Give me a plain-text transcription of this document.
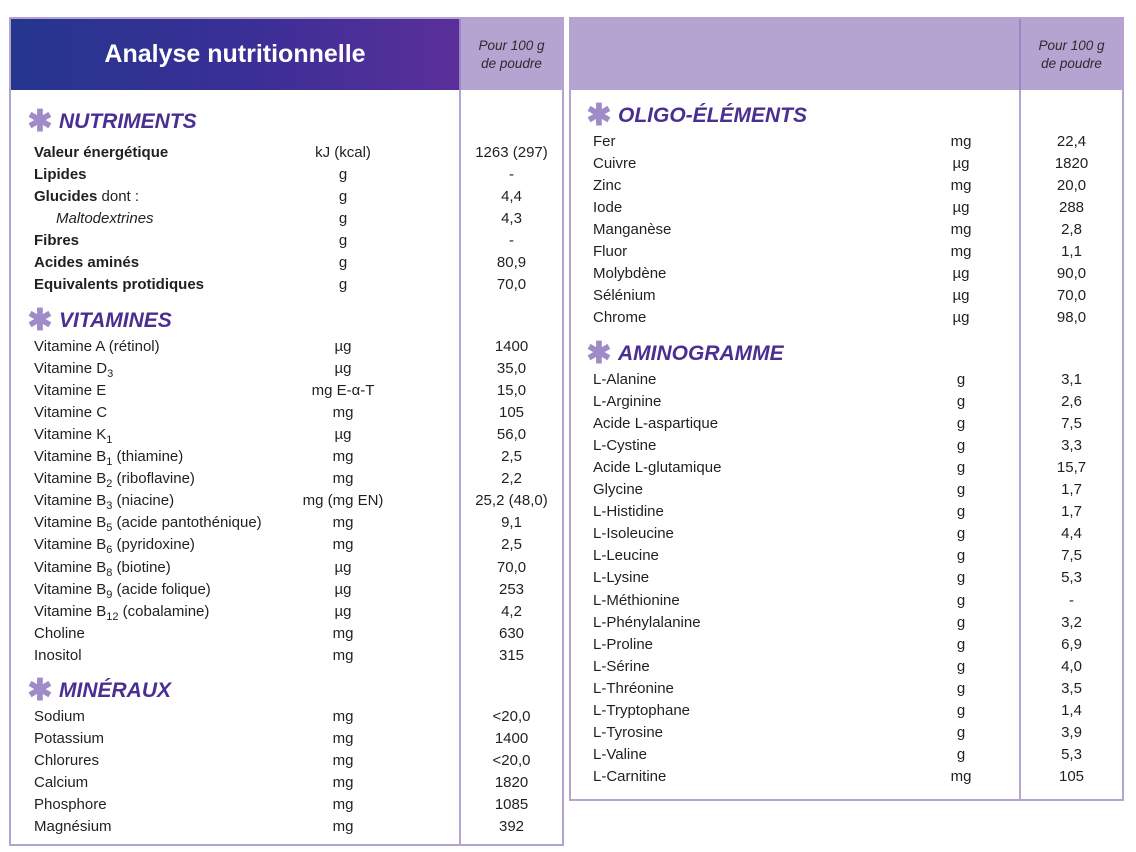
Analyse nutritionnelle	Pour 100 g
de poudre
✱ NUTRIMENTS
Valeur énergétique	kJ (kcal)	1263 (297)
Lipides	g	-
Glucides dont :	g	4,4
Maltodextrines	g	4,3
Fibres	g	-
Acides aminés	g	80,9
Equivalents protidiques	g	70,0
✱ VITAMINES
Vitamine A (rétinol)	µg	1400
Vitamine $D_3$	µg	35,0
Vitamine E	mg E-α-T	15,0
Vitamine C	mg	105
Vitamine $K_1$	µg	56,0
Vitamine $B_1$ (thiamine)	mg	2,5
Vitamine $B_2$ (riboflavine)	mg	2,2
Vitamine $B_3$ (niacine)	mg (mg EN)	25,2 (48,0)
Vitamine $B_5$ (acide pantothénique)	mg	9,1
Vitamine $B_6$ (pyridoxine)	mg	2,5
Vitamine $B_8$ (biotine)	µg	70,0
Vitamine $B_9$ (acide folique)	µg	253
Vitamine $B_{12}$ (cobalamine)	µg	4,2
Choline	mg	630
Inositol	mg	315
✱ MINÉRAUX
Sodium	mg	<20,0
Potassium	mg	1400
Chlorures	mg	<20,0
Calcium	mg	1820
Phosphore	mg	1085
Magnésium	mg	392
Pour 100 g
de poudre
✱ OLIGO-ÉLÉMENTS
Fer	mg	22,4
Cuivre	µg	1820
Zinc	mg	20,0
Iode	µg	288
Manganèse	mg	2,8
Fluor	mg	1,1
Molybdène	µg	90,0
Sélénium	µg	70,0
Chrome	µg	98,0
✱ AMINOGRAMME
L-Alanine	g	3,1
L-Arginine	g	2,6
Acide L-aspartique	g	7,5
L-Cystine	g	3,3
Acide L-glutamique	g	15,7
Glycine	g	1,7
L-Histidine	g	1,7
L-Isoleucine	g	4,4
L-Leucine	g	7,5
L-Lysine	g	5,3
L-Méthionine	g	-
L-Phénylalanine	g	3,2
L-Proline	g	6,9
L-Sérine	g	4,0
L-Thréonine	g	3,5
L-Tryptophane	g	1,4
L-Tyrosine	g	3,9
L-Valine	g	5,3
L-Carnitine	mg	105
